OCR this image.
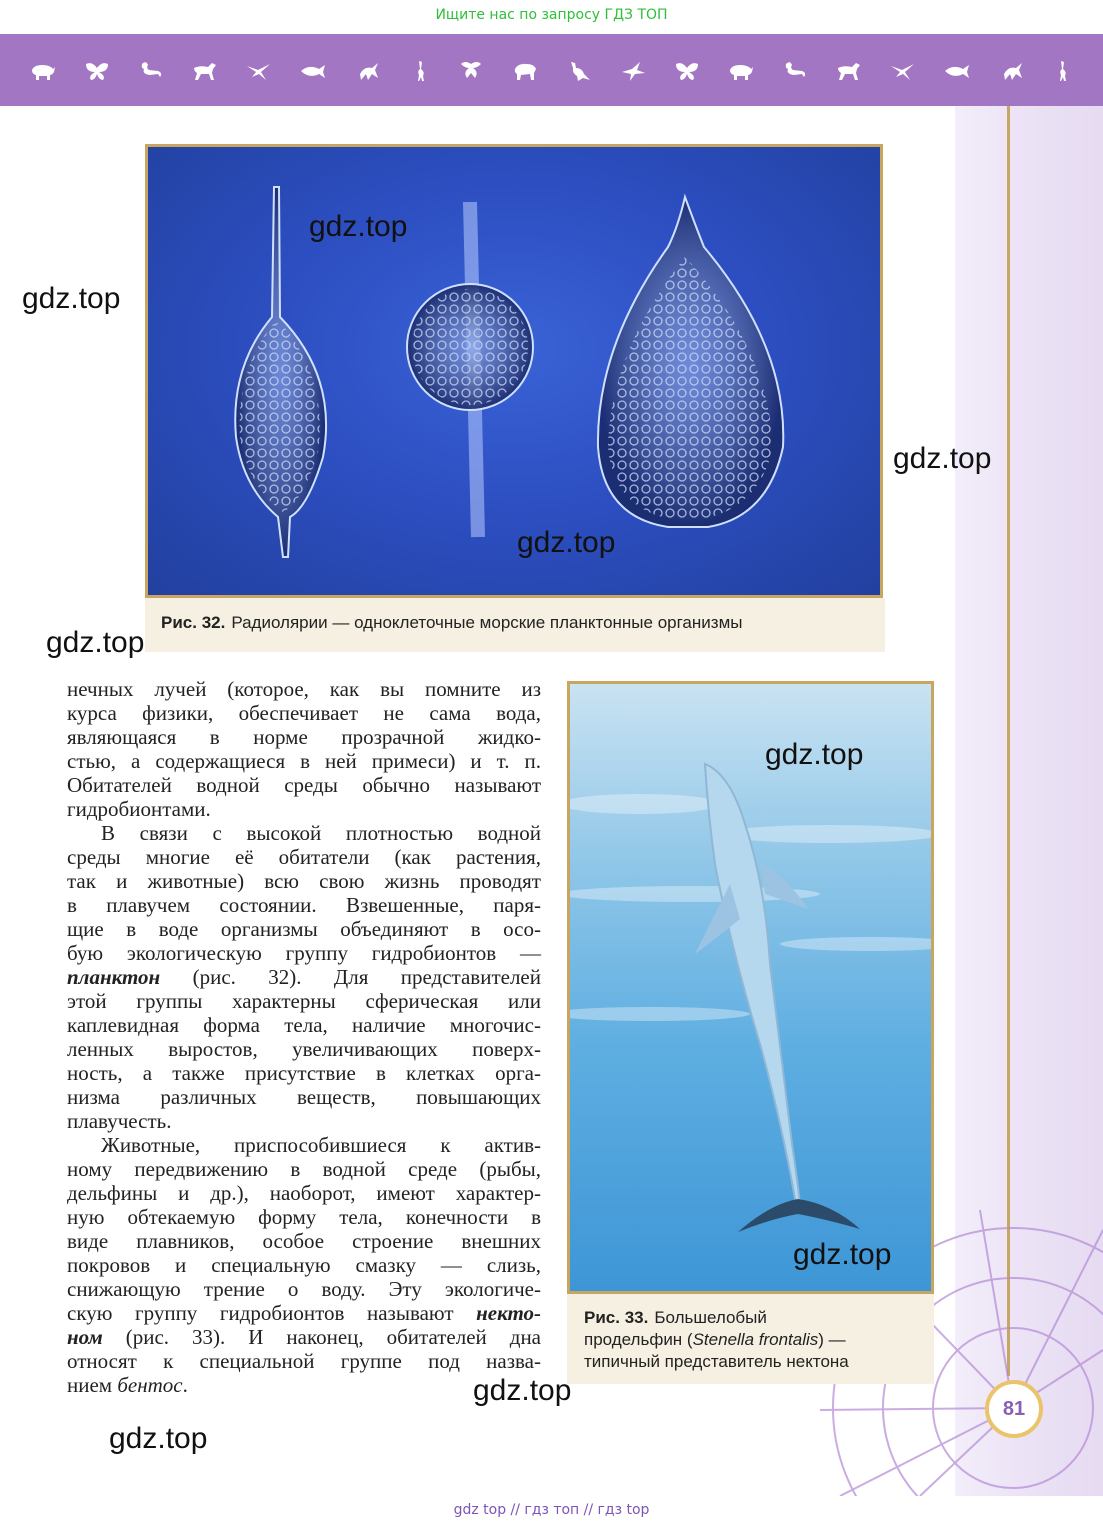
Ищите нас по запросу ГДЗ ТОП
Рис. 32. Радиолярии — одноклеточные морские планктонные организмы
Рис. 33. Большелобый
продельфин (Stenella frontalis) —
типичный представитель нектона
нечных лучей (которое, как вы помните из
курса физики, обеспечивает не сама вода,
являющаяся в норме прозрачной жидко-
стью, а содержащиеся в ней примеси) и т. п.
Обитателей водной среды обычно называют
гидробионтами.
В связи с высокой плотностью водной
среды многие её обитатели (как растения,
так и животные) всю свою жизнь проводят
в плавучем состоянии. Взвешенные, паря-
щие в воде организмы объединяют в осо-
бую экологическую группу гидробионтов —
планктон (рис. 32). Для представителей
этой группы характерны сферическая или
каплевидная форма тела, наличие многочис-
ленных выростов, увеличивающих поверх-
ность, а также присутствие в клетках орга-
низма различных веществ, повышающих
плавучесть.
Животные, приспособившиеся к актив-
ному передвижению в водной среде (рыбы,
дельфины и др.), наоборот, имеют характер-
ную обтекаемую форму тела, конечности в
виде плавников, особое строение внешних
покровов и специальную смазку — слизь,
снижающую трение о воду. Эту экологиче-
скую группу гидробионтов называют некто-
ном (рис. 33). И наконец, обитателей дна
относят к специальной группе под назва-
нием бентос.
81
gdz.top
gdz.top
gdz.top
gdz.top
gdz.top
gdz.top
gdz.top
gdz.top
gdz.top
gdz top // гдз топ // гдз top
